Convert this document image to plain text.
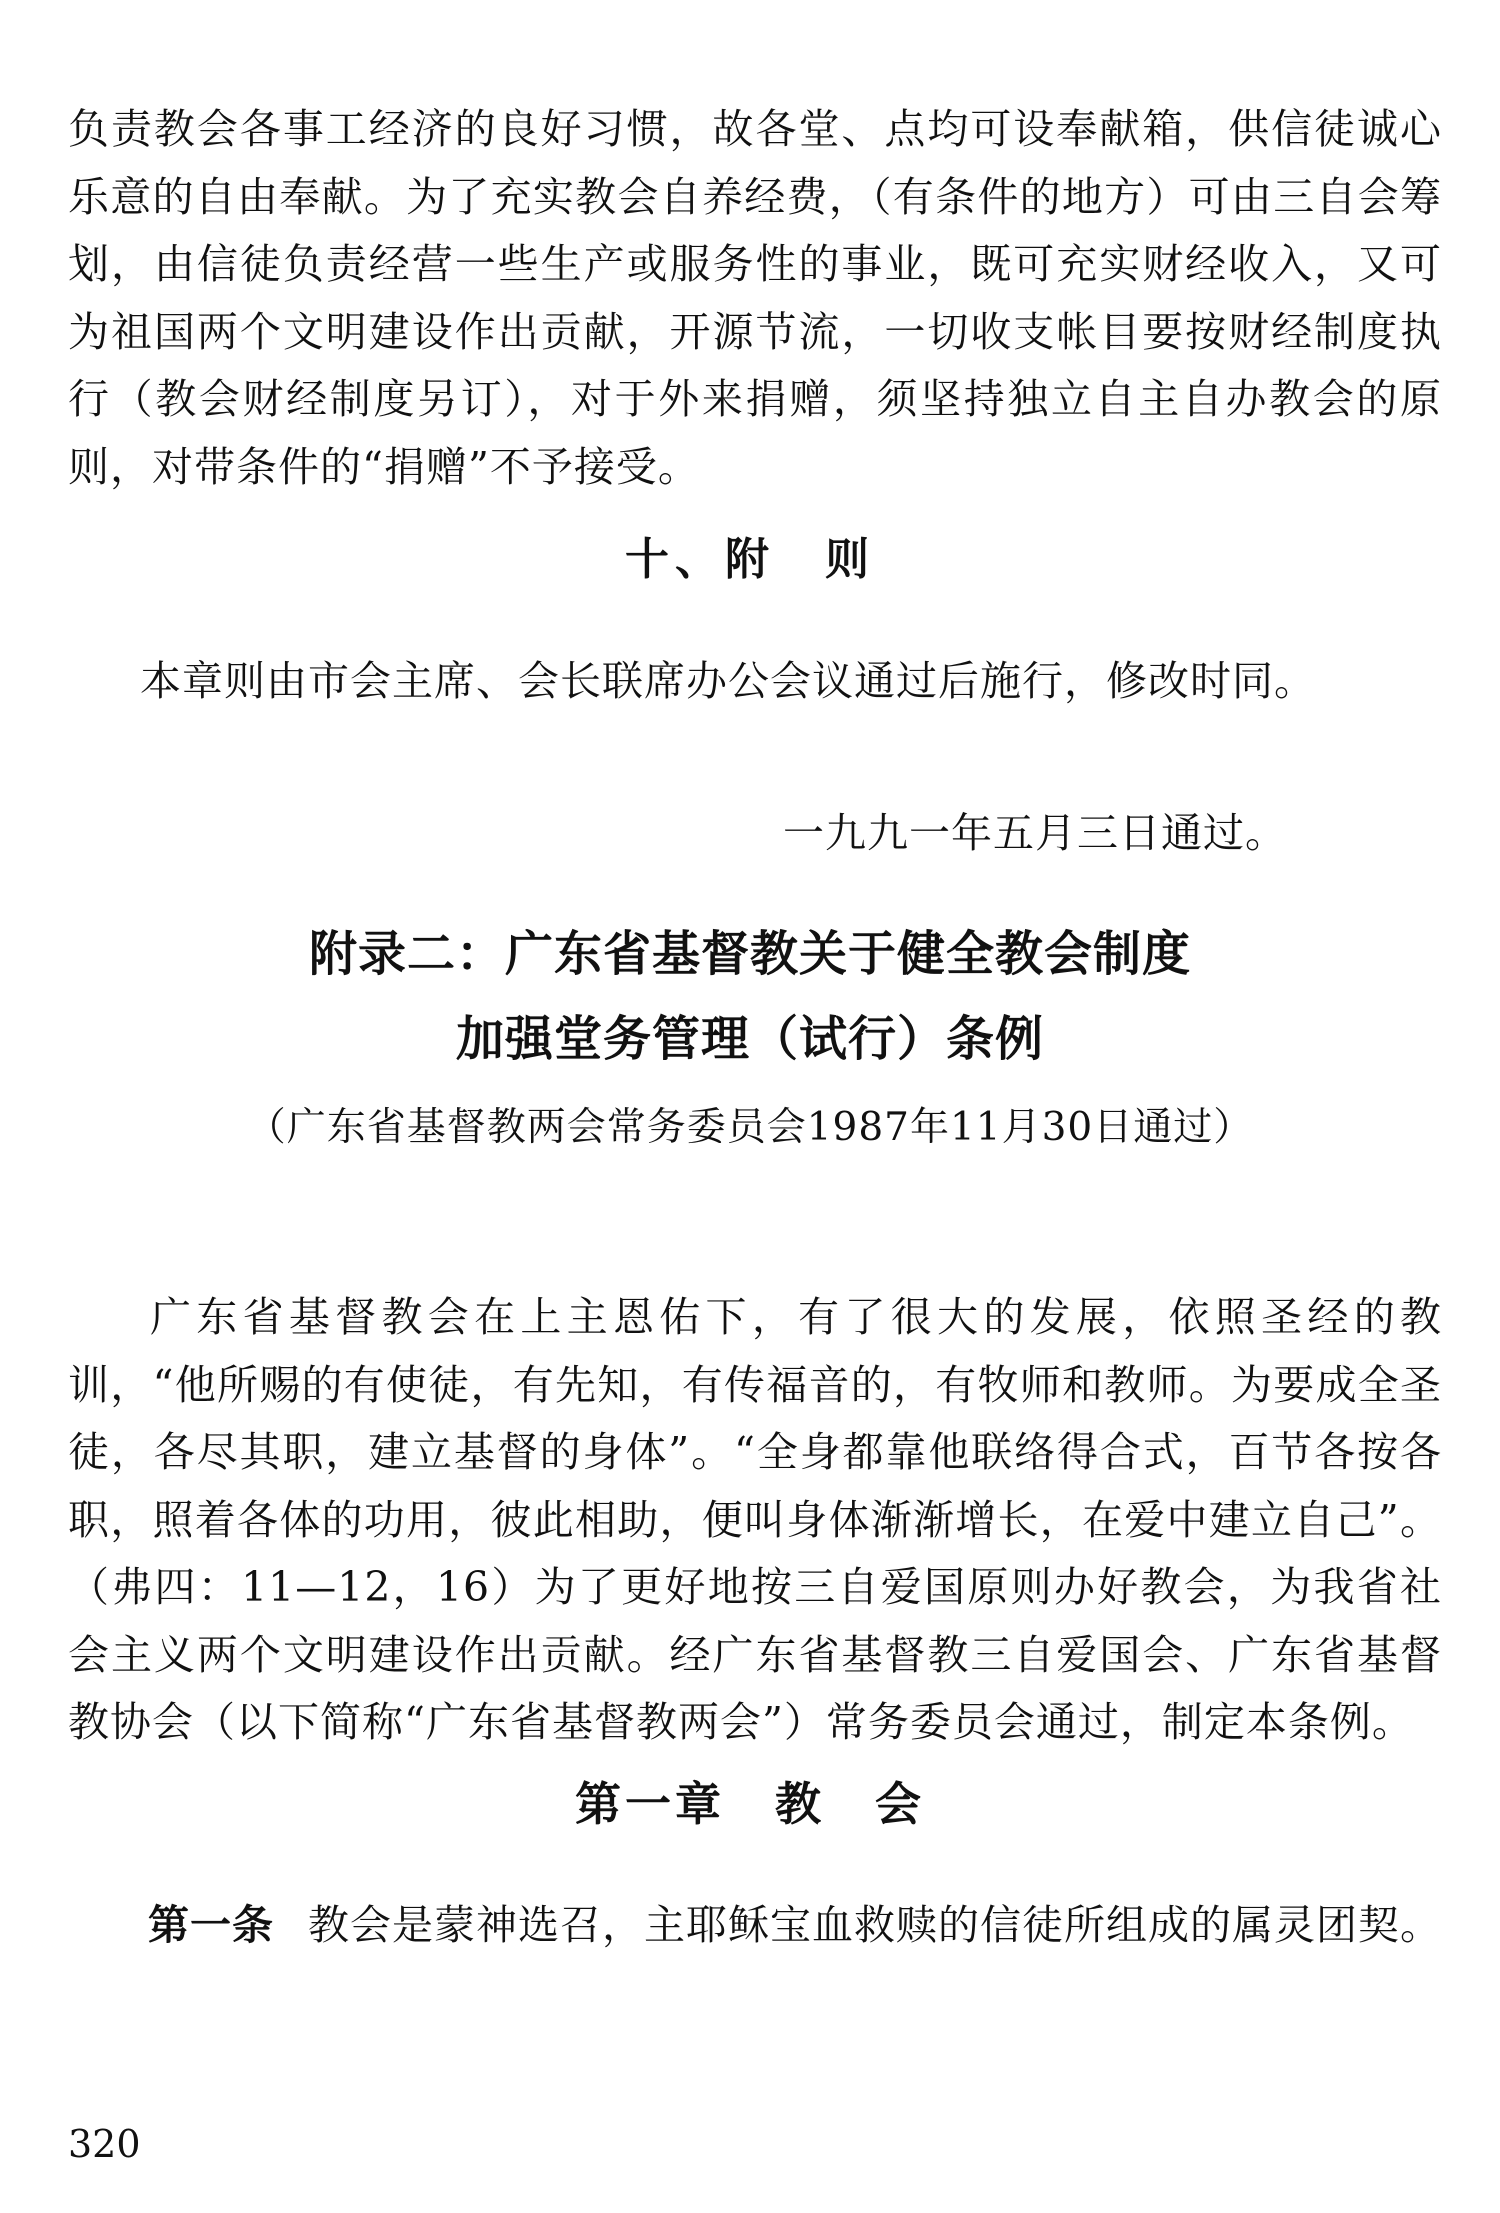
负责教会各事工经济的良好习惯，故各堂、点均可设奉献箱，供信徒诚心乐意的自由奉献。为了充实教会自养经费，（有条件的地方）可由三自会筹划，由信徒负责经营一些生产或服务性的事业，既可充实财经收入，又可为祖国两个文明建设作出贡献，开源节流，一切收支帐目要按财经制度执行（教会财经制度另订），对于外来捐赠，须坚持独立自主自办教会的原则，对带条件的“捐赠”不予接受。

十、附　则

本章则由市会主席、会长联席办公会议通过后施行，修改时同。

一九九一年五月三日通过。

附录二：广东省基督教关于健全教会制度
加强堂务管理（试行）条例

（广东省基督教两会常务委员会1987年11月30日通过）

广东省基督教会在上主恩佑下，有了很大的发展，依照圣经的教训，“他所赐的有使徒，有先知，有传福音的，有牧师和教师。为要成全圣徒，各尽其职，建立基督的身体”。“全身都靠他联络得合式，百节各按各职，照着各体的功用，彼此相助，便叫身体渐渐增长，在爱中建立自己”。（弗四：11—12，16）为了更好地按三自爱国原则办好教会，为我省社会主义两个文明建设作出贡献。经广东省基督教三自爱国会、广东省基督教协会（以下简称“广东省基督教两会”）常务委员会通过，制定本条例。

第一章　教　会

第一条 教会是蒙神选召，主耶稣宝血救赎的信徒所组成的属灵团契。

320
